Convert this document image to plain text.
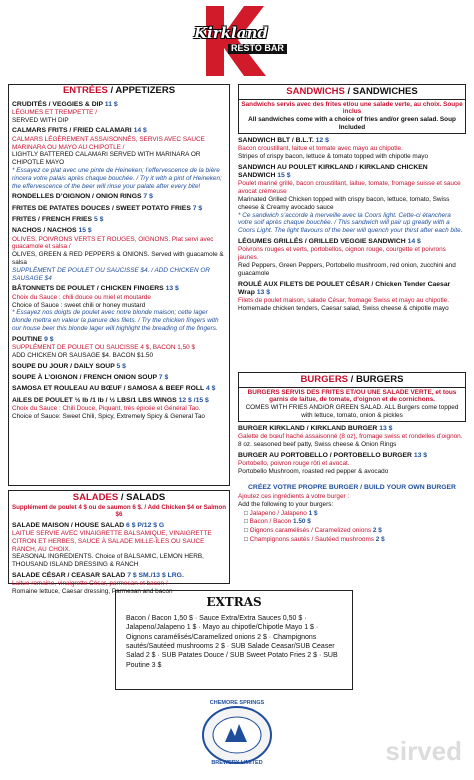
Kirkland
RESTO BAR
ENTRÉES / APPETIZERS
CRUDITÉS / VEGGIES & DIP 11 $
LÉGUMES ET TREMPETTE /
SERVED WITH DIP
CALMARS FRITS / FRIED CALAMARI 14 $
CALMARS LÉGÈREMENT ASSAISONNÉS, SERVIS AVEC SAUCE MARINARA OU MAYO AU CHIPOTLE /
LIGHTLY BATTERED CALAMARI SERVED WITH MARINARA OR CHIPOTLE MAYO
* Essayez ce plat avec une pinte de Heineken; l’effervescence de la bière rincera votre palais après chaque bouchée. / Try it with a pint of Heineken; the effervescence of the beer will rinse your palate after every bite!
RONDELLES D’OIGNON / ONION RINGS 7 $
FRITES DE PATATES DOUCES / SWEET POTATO FRIES 7 $
FRITES / FRENCH FRIES 5 $
NACHOS / NACHOS 15 $
OLIVES, POIVRONS VERTS ET ROUGES, OIGNONS. Plat servi avec guacamole et salsa /
OLIVES, GREEN & RED PEPPERS & ONIONS. Served with guacamole & salsa
SUPPLÉMENT DE POULET OU SAUCISSE $4. / ADD CHICKEN OR SAUSAGE $4
BÂTONNETS DE POULET / CHICKEN FINGERS 13 $
Choix du Sauce : chili douce ou miel et moutarde
Choice of Sauce : sweet chili or honey mustard
* Essayez nos doigts de poulet avec notre blonde maison; cette lager blonde mettra en valeur la panure des filets. / Try the chicken fingers with our house beer this blonde lager will highlight the breading of the fingers.
POUTINE 9 $
SUPPLÉMENT DE POULET OU SAUCISSE 4 $, BACON 1,50 $
ADD CHICKEN OR SAUSAGE $4. BACON $1.50
SOUPE DU JOUR / DAILY SOUP 5 $
SOUPE À L’OIGNON / FRENCH ONION SOUP 7 $
SAMOSA ET ROULEAU AU BŒUF / SAMOSA & BEEF ROLL 4 $
AILES DE POULET ½ lb /1 lb / ½ LBS/1 LBS WINGS 12 $ /15 $
Choix du Sauce : Chili Douce, Piquant, très épicée et Général Tao.
Choice of Sauce: Sweet Chili, Spicy, Extremely Spicy & General Tao
SALADES / SALADS
Supplément de poulet 4 $ ou de saumon 6 $. / Add Chicken $4 or Salmon $6
SALADE MAISON / HOUSE SALAD 6 $ P/12 $ G
LAITUE SERVIE AVEC VINAIGRETTE BALSAMIQUE, VINAIGRETTE CITRON ET HERBES, SAUCE À SALADE MILLE-ÎLES OU SAUCE RANCH, AU CHOIX.
SEASONAL INGREDIENTS. Choice of BALSAMIC, LEMON HERB, THOUSAND ISLAND DRESSING & RANCH
SALADE CÉSAR / CEASAR SALAD 7 $ SM./13 $ LRG.
Laitue romaine, vinaigrette César, parmesan et bacon /
Romaine lettuce, Caesar dressing, Parmesan and bacon
SANDWICHS / SANDWICHES
Sandwichs servis avec des frites et/ou une salade verte, au choix. Soupe inclus
All sandwiches come with a choice of fries and/or green salad. Soup Included
SANDWICH BLT / B.L.T. 12 $
Bacon croustillant, laitue et tomate avec mayo au chipotle.
Stripes of crispy bacon, lettuce & tomato topped with chipotle mayo
SANDWICH AU POULET KIRKLAND / KIRKLAND CHICKEN SANDWICH 15 $
Poulet mariné grillé, bacon croustillant, laitue, tomate, fromage suisse et sauce avocat crémeuse
Marinated Grilled Chicken topped with crispy bacon, lettuce, tomato, Swiss cheese & Creamy avocado sauce
* Ce sandwich s’accorde à merveille avec la Coors light. Cette-ci étanchera votre soif après chaque bouchée. / This sandwich will pair up greatly with a Coors Light. The light flavours of the beer will quench your thirst after each bite.
LÉGUMES GRILLÉS / GRILLED VEGGIE SANDWICH 14 $
Poivrons rouges et verts, portobellos, oignon rouge, courgette et poivrons jaunes.
Red Peppers, Green Peppers, Portobello mushroom, red onion, zucchini and guacamole
ROULÉ AUX FILETS DE POULET CÉSAR / Chicken Tender Caesar Wrap 13 $
Filets de poulet maison, salade César, fromage Swiss et mayo au chipotle.
Homemade chicken tenders, Caesar salad, Swiss cheese & chipotle mayo
BURGERS / BURGERS
BURGERS SERVIS DES FRITES ET/OU UNE SALADE VERTE, et tous garnis de laitue, de tomate, d’oignon et de cornichons.
COMES WITH FRIES AND/OR GREEN SALAD. ALL Burgers come topped with lettuce, tomato, onion & pickles
BURGER KIRKLAND / KIRKLAND BURGER 13 $
Galette de bœuf haché assaisonné (8 oz), fromage swiss et rondelles d’oignon.
8 oz. seasoned beef patty, Swiss cheese & Onion Rings
BURGER AU PORTOBELLO / PORTOBELLO BURGER 13 $
Portobello, poivron rouge rôti et avocat.
Portobello Mushroom, roasted red pepper & avocado
CRÉEZ VOTRE PROPRE BURGER / BUILD YOUR OWN BURGER
Ajoutez ces ingrédients à votre burger :
Add the following to your burgers:
□ Jalapeno / Jalapeno 1 $
□ Bacon / Bacon 1.50 $
□ Oignons caramélisés / Caramelized onions 2 $
□ Champignons sautés / Sautéed mushrooms 2 $
EXTRAS
Bacon / Bacon 1,50 $ · Sauce Extra/Extra Sauces 0,50 $ · Jalapeno/Jalapeno 1 $ · Mayo au chipotle/Chipotle Mayo 1 $ · Oignons caramélisés/Caramelized onions 2 $ · Champignons sautés/Sautéed mushrooms 2 $ · SUB Salade Ceasar/SUB Ceaser Salad 2 $ · SUB Patates Douce / SUB Sweet Potato Fries 2 $ · SUB Poutine 3 $
CHEMORE SPRINGS
BREWERY LIMITED	sirved
